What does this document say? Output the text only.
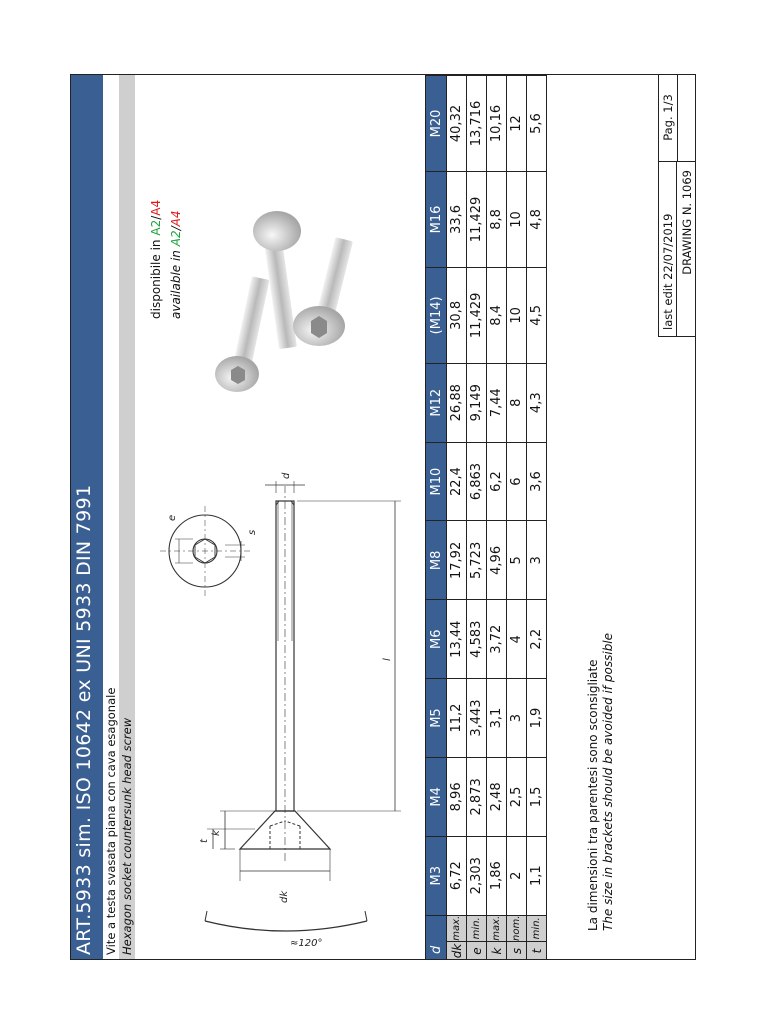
ART.5933 sim. ISO 10642 ex UNI 5933 DIN 7991 Vite a testa svasata piana con cava esagonale Hexagon socket countersunk head screw	≈120°
dk
k
t
l
d
e
s
disponibile in A2/A4
available in A2/A4
d		M3	M4	M5	M6	M8	M10	M12	(M14)	M16	M20
dk	max.	6,72	8,96	11,2	13,44	17,92	22,4	26,88	30,8	33,6	40,32
e	min.	2,303	2,873	3,443	4,583	5,723	6,863	9,149	11,429	11,429	13,716
k	max.	1,86	2,48	3,1	3,72	4,96	6,2	7,44	8,4	8,8	10,16
s	nom.	2	2,5	3	4	5	6	8	10	10	12
t	min.	1,1	1,5	1,9	2,2	3	3,6	4,3	4,5	4,8	5,6
La dimensioni tra parentesi sono sconsigliate The size in brackets should be avoided if possible
last edit 22/07/2019
Pag. 1/3
DRAWING N. 1069
